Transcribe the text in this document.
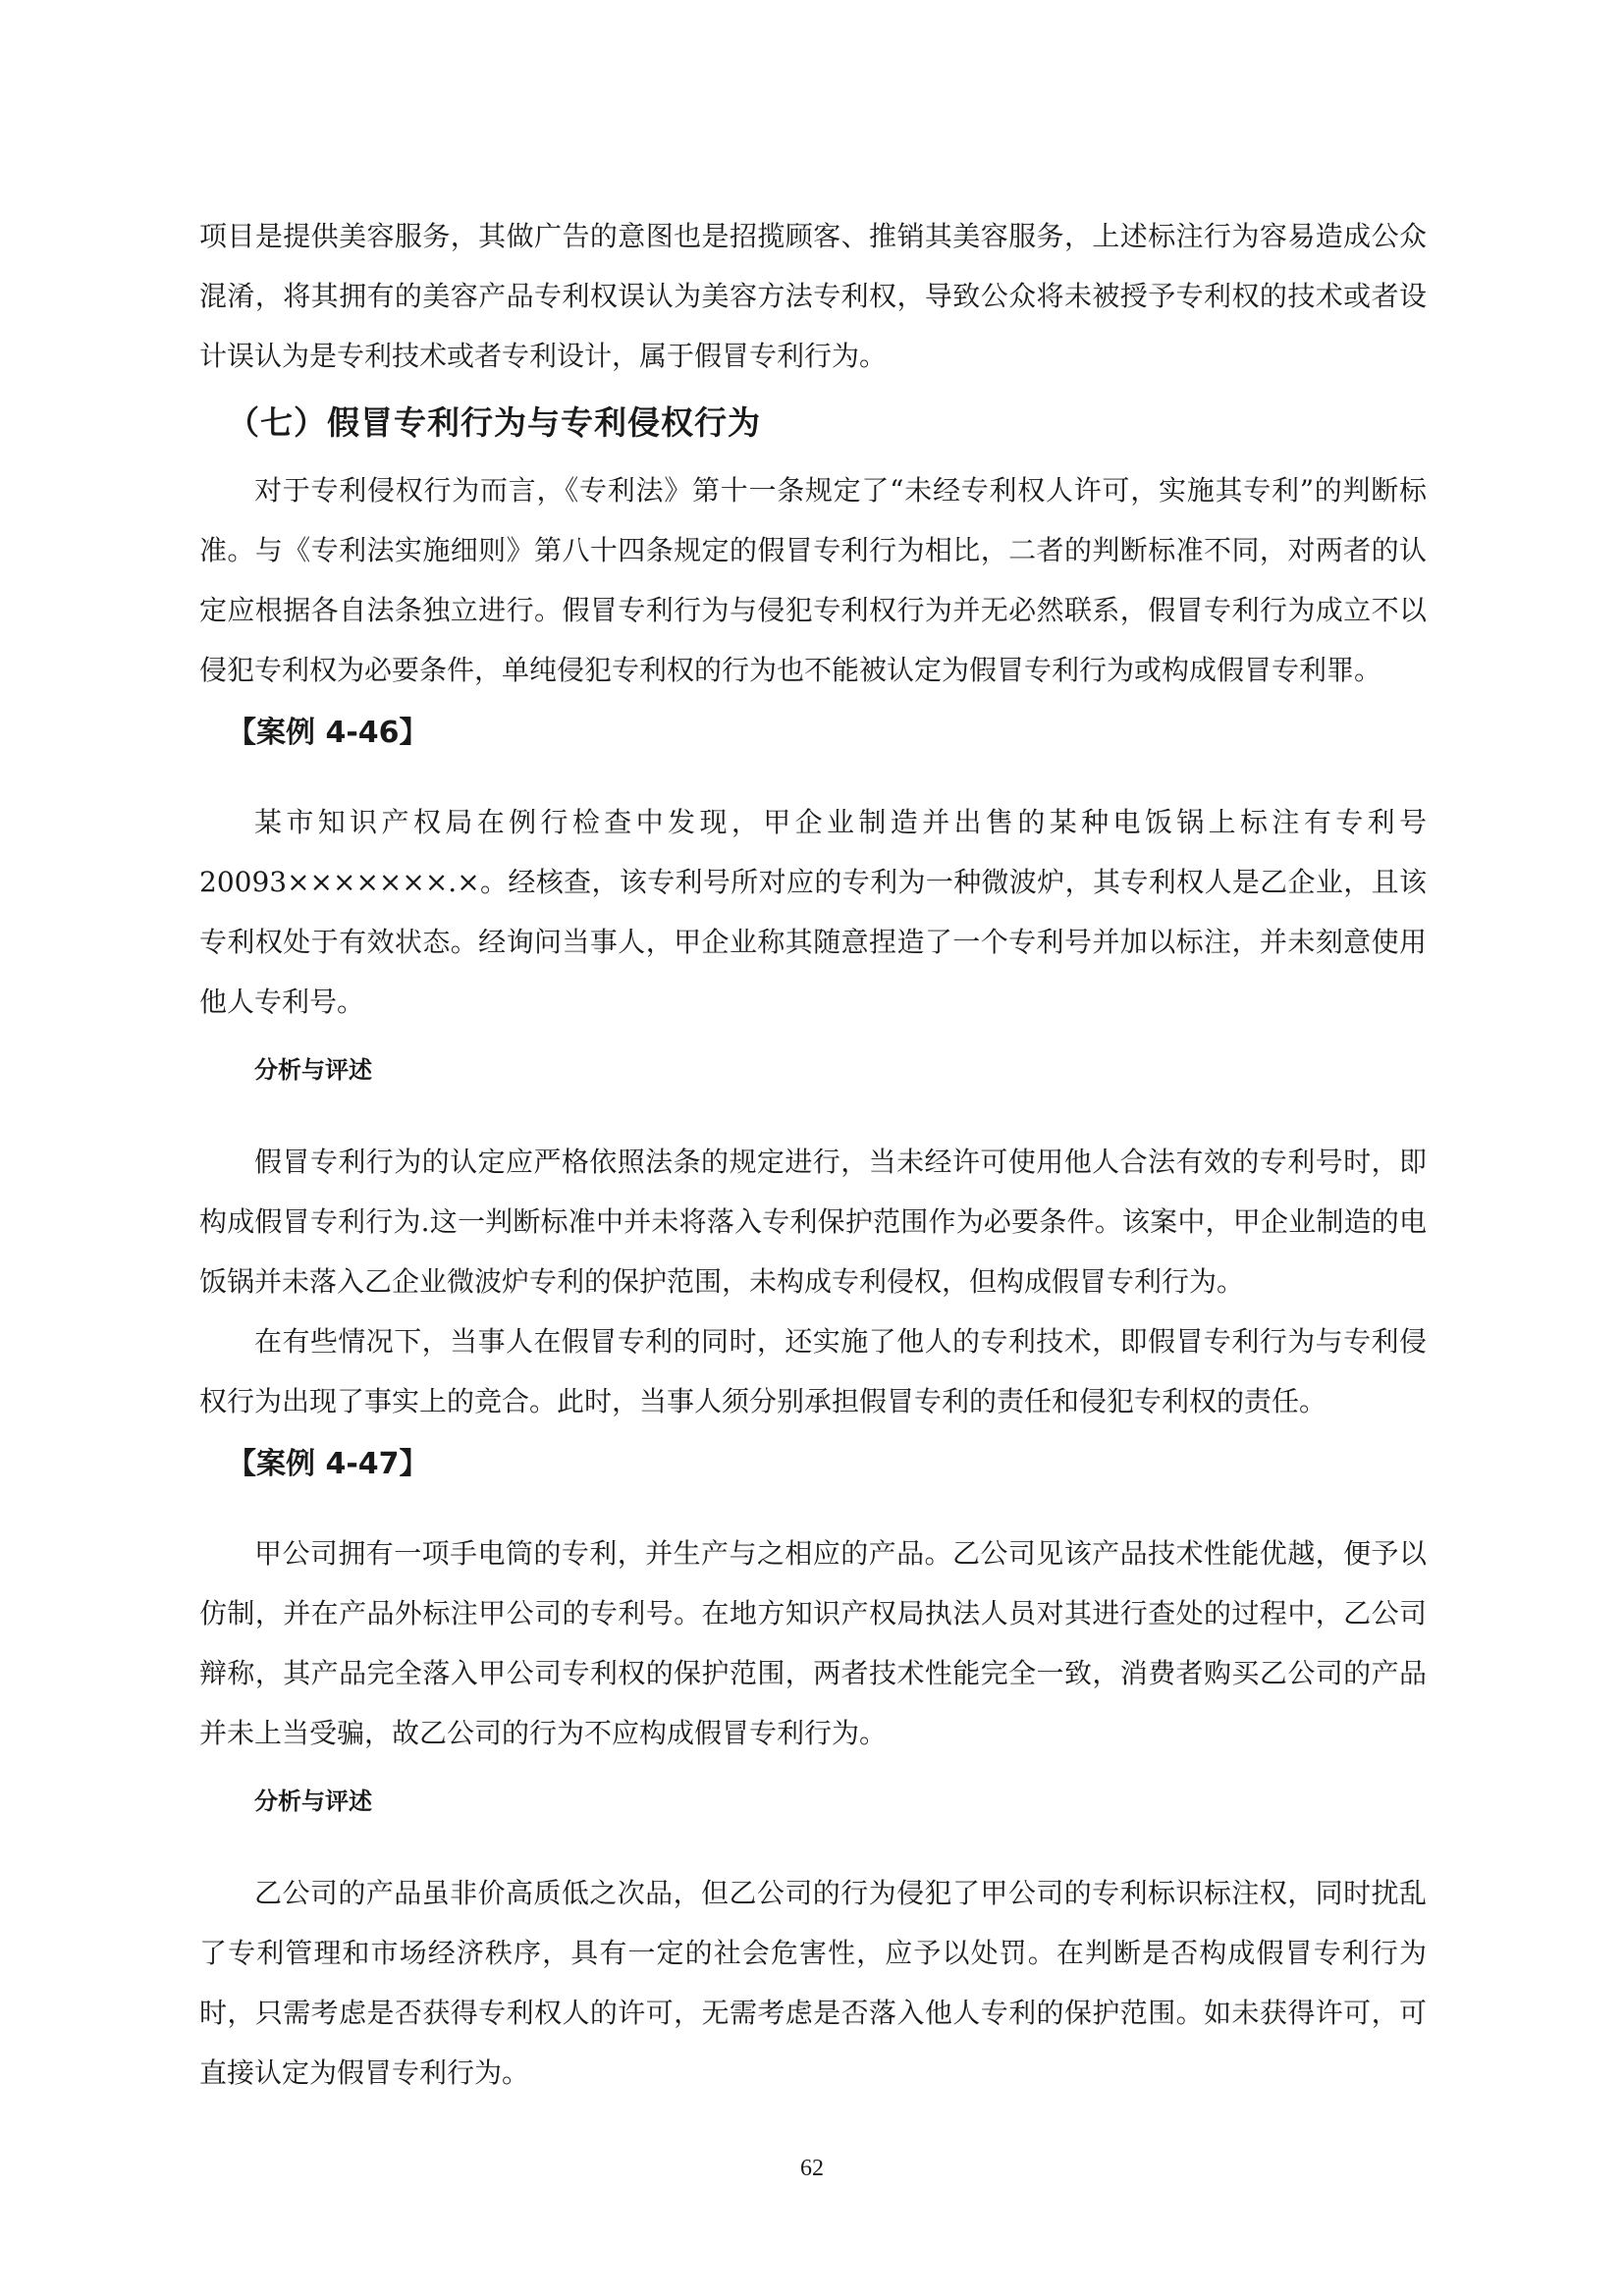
项目是提供美容服务，其做广告的意图也是招揽顾客、推销其美容服务，上述标注行为容易造成公众混淆，将其拥有的美容产品专利权误认为美容方法专利权，导致公众将未被授予专利权的技术或者设计误认为是专利技术或者专利设计，属于假冒专利行为。

（七）假冒专利行为与专利侵权行为

对于专利侵权行为而言，《专利法》第十一条规定了“未经专利权人许可，实施其专利”的判断标准。与《专利法实施细则》第八十四条规定的假冒专利行为相比，二者的判断标准不同，对两者的认定应根据各自法条独立进行。假冒专利行为与侵犯专利权行为并无必然联系，假冒专利行为成立不以侵犯专利权为必要条件，单纯侵犯专利权的行为也不能被认定为假冒专利行为或构成假冒专利罪。

【案例 4-46】

某市知识产权局在例行检查中发现，甲企业制造并出售的某种电饭锅上标注有专利号 20093×××××××.×。经核查，该专利号所对应的专利为一种微波炉，其专利权人是乙企业，且该专利权处于有效状态。经询问当事人，甲企业称其随意捏造了一个专利号并加以标注，并未刻意使用他人专利号。

分析与评述

假冒专利行为的认定应严格依照法条的规定进行，当未经许可使用他人合法有效的专利号时，即构成假冒专利行为.这一判断标准中并未将落入专利保护范围作为必要条件。该案中，甲企业制造的电饭锅并未落入乙企业微波炉专利的保护范围，未构成专利侵权，但构成假冒专利行为。

在有些情况下，当事人在假冒专利的同时，还实施了他人的专利技术，即假冒专利行为与专利侵权行为出现了事实上的竞合。此时，当事人须分别承担假冒专利的责任和侵犯专利权的责任。

【案例 4-47】

甲公司拥有一项手电筒的专利，并生产与之相应的产品。乙公司见该产品技术性能优越，便予以仿制，并在产品外标注甲公司的专利号。在地方知识产权局执法人员对其进行查处的过程中，乙公司辩称，其产品完全落入甲公司专利权的保护范围，两者技术性能完全一致，消费者购买乙公司的产品并未上当受骗，故乙公司的行为不应构成假冒专利行为。

分析与评述

乙公司的产品虽非价高质低之次品，但乙公司的行为侵犯了甲公司的专利标识标注权，同时扰乱了专利管理和市场经济秩序，具有一定的社会危害性，应予以处罚。在判断是否构成假冒专利行为时，只需考虑是否获得专利权人的许可，无需考虑是否落入他人专利的保护范围。如未获得许可，可直接认定为假冒专利行为。

62
